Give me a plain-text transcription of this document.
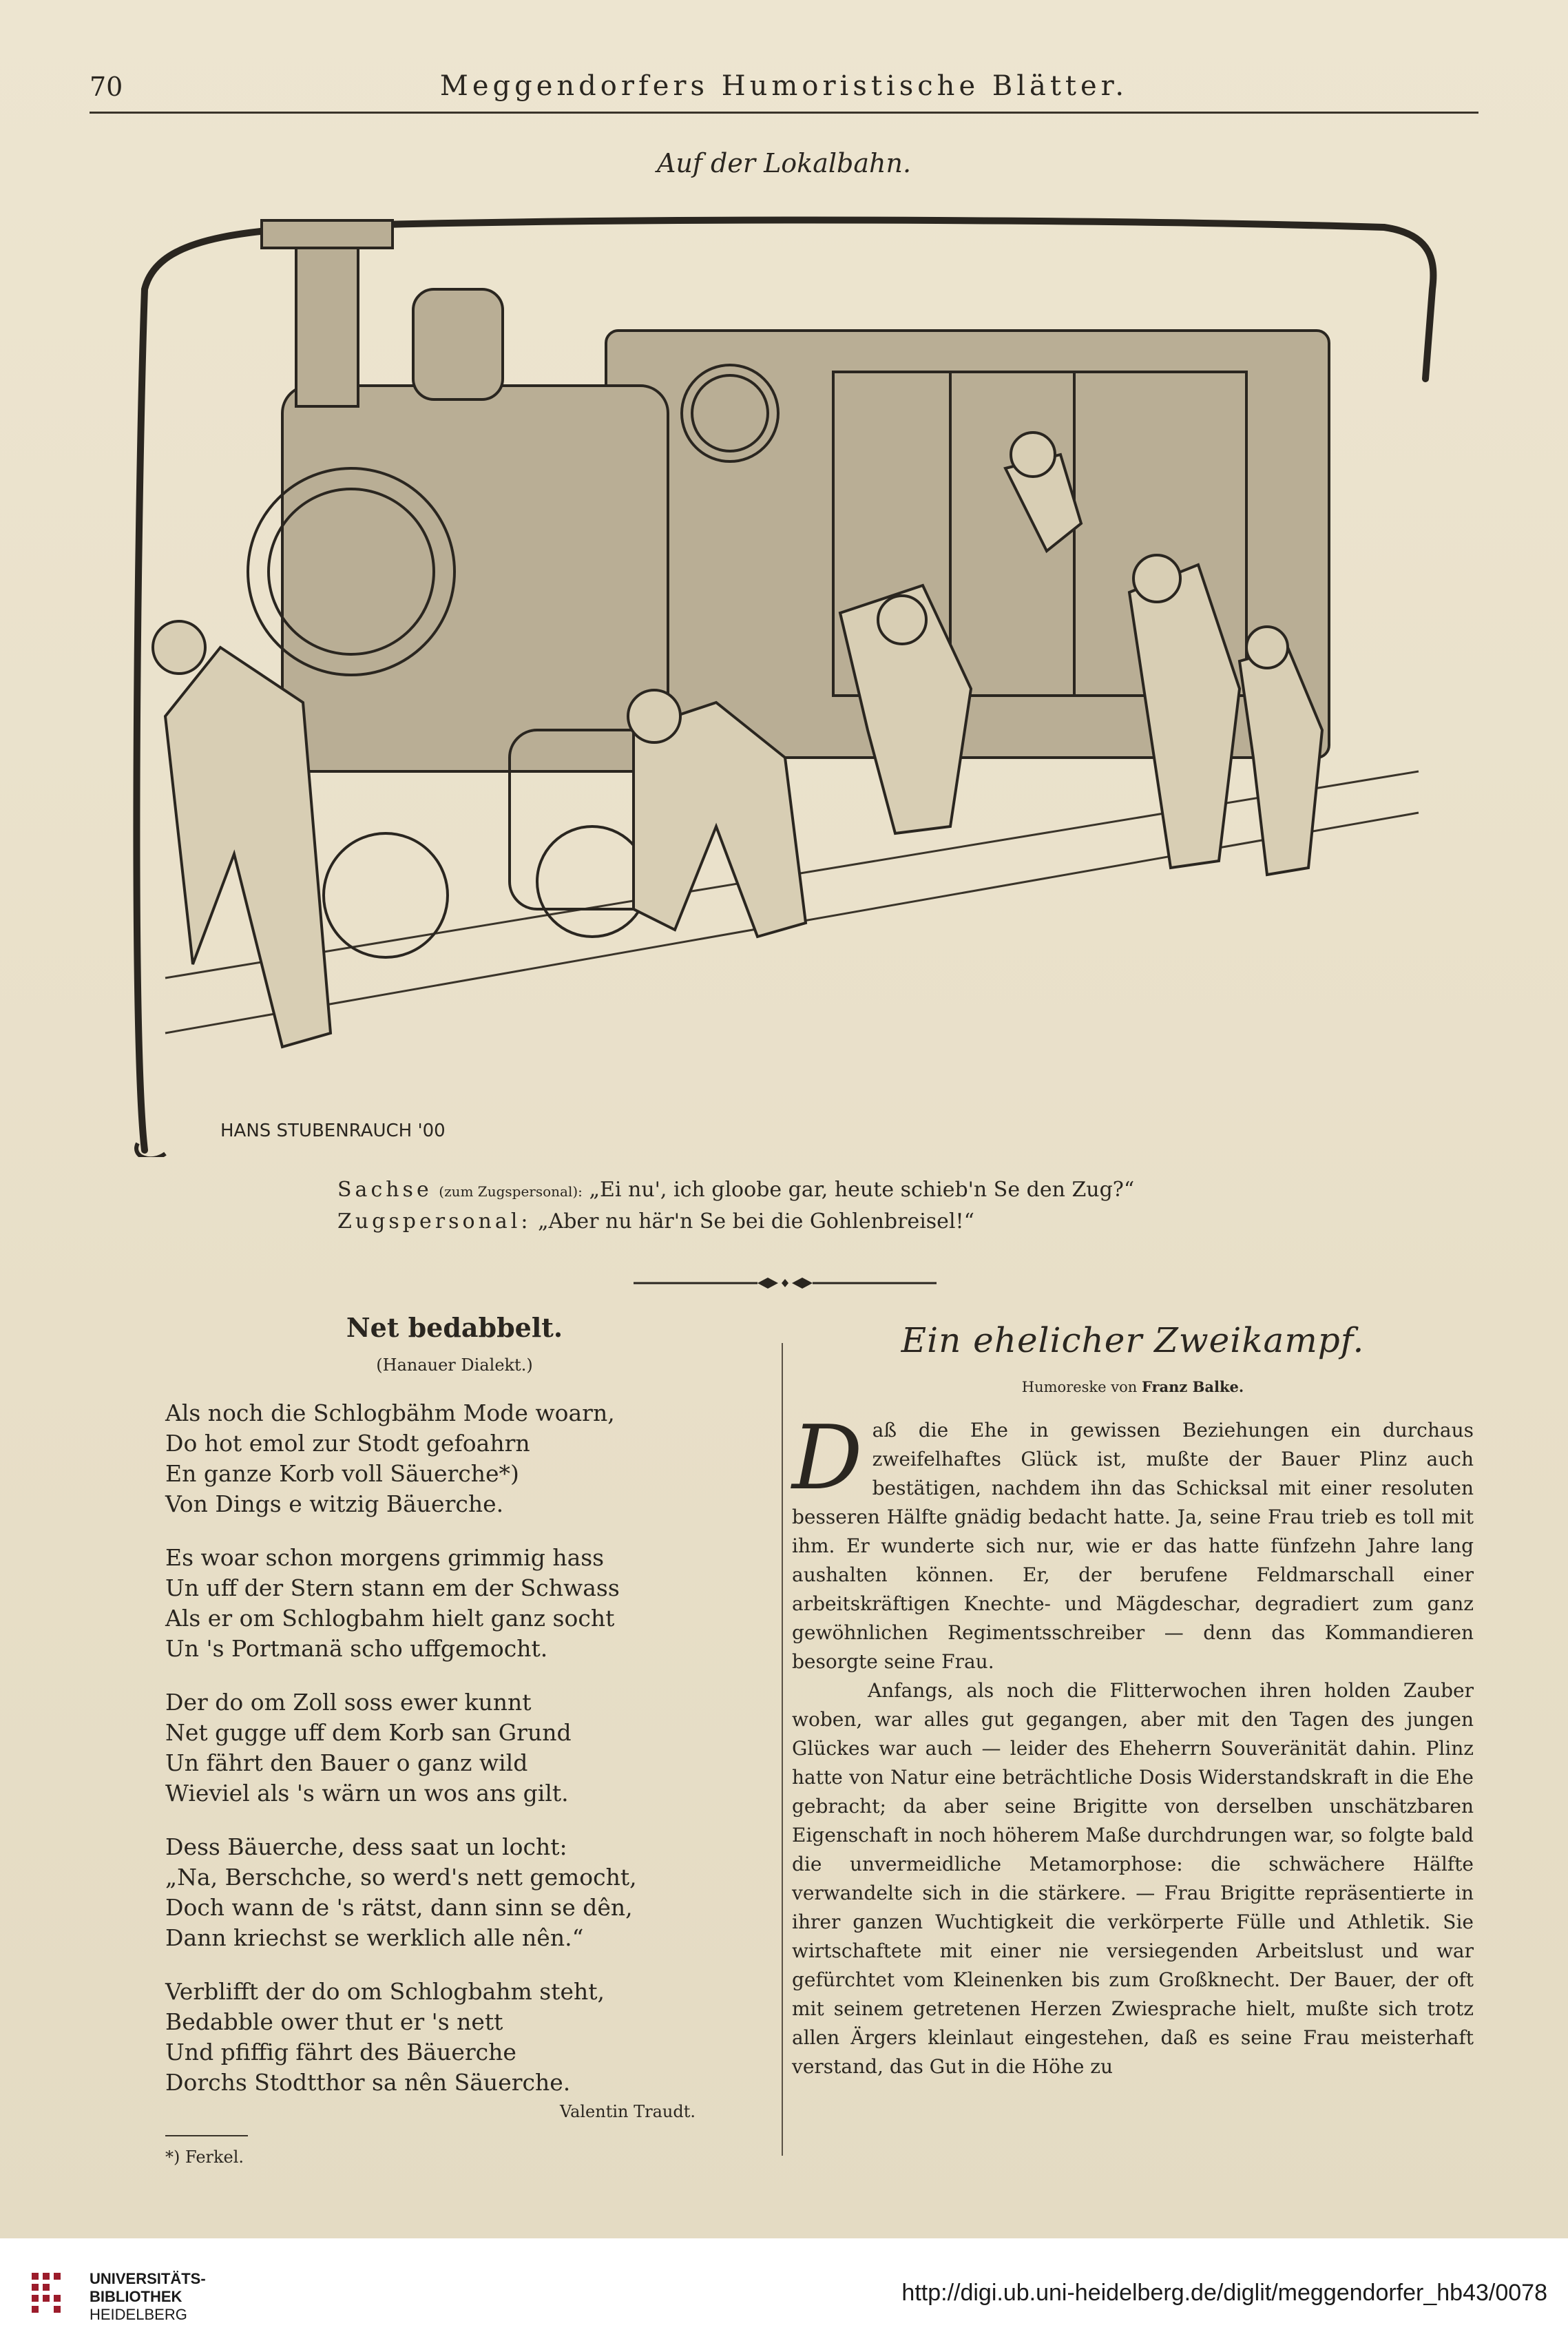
70	Meggendorfers Humoristische Blätter.
Auf der Lokalbahn.
HANS STUBENRAUCH '00
Sachse (zum Zugspersonal): „Ei nu', ich gloobe gar, heute schieb'n Se den Zug?“
Zugspersonal: „Aber nu här'n Se bei die Gohlenbreisel!“
Net bedabbelt.
(Hanauer Dialekt.)
Als noch die Schlogbähm Mode woarn,
Do hot emol zur Stodt gefoahrn
En ganze Korb voll Säuerche*)
Von Dings e witzig Bäuerche.
Es woar schon morgens grimmig hass
Un uff der Stern stann em der Schwass
Als er om Schlogbahm hielt ganz socht
Un 's Portmanä scho uffgemocht.
Der do om Zoll soss ewer kunnt
Net gugge uff dem Korb san Grund
Un fährt den Bauer o ganz wild
Wieviel als 's wärn un wos ans gilt.
Dess Bäuerche, dess saat un locht:
„Na, Berschche, so werd's nett gemocht,
Doch wann de 's rätst, dann sinn se dên,
Dann kriechst se werklich alle nên.“
Verblifft der do om Schlogbahm steht,
Bedabble ower thut er 's nett
Und pfiffig fährt des Bäuerche
Dorchs Stodtthor sa nên Säuerche.
Valentin Traudt.
*) Ferkel.
Ein ehelicher Zweikampf.
Humoreske von Franz Balke.

Daß die Ehe in gewissen Beziehungen ein durchaus zweifelhaftes Glück ist, mußte der Bauer Plinz auch bestätigen, nachdem ihn das Schicksal mit einer resoluten besseren Hälfte gnädig bedacht hatte. Ja, seine Frau trieb es toll mit ihm. Er wunderte sich nur, wie er das hatte fünfzehn Jahre lang aushalten können. Er, der berufene Feldmarschall einer arbeitskräftigen Knechte- und Mägdeschar, degradiert zum ganz gewöhnlichen Regimentsschreiber — denn das Kommandieren besorgte seine Frau.

Anfangs, als noch die Flitterwochen ihren holden Zauber woben, war alles gut gegangen, aber mit den Tagen des jungen Glückes war auch — leider des Eheherrn Souveränität dahin. Plinz hatte von Natur eine beträchtliche Dosis Widerstandskraft in die Ehe gebracht; da aber seine Brigitte von derselben unschätzbaren Eigenschaft in noch höherem Maße durchdrungen war, so folgte bald die unvermeidliche Metamorphose: die schwächere Hälfte verwandelte sich in die stärkere. — Frau Brigitte repräsentierte in ihrer ganzen Wuchtigkeit die verkörperte Fülle und Athletik. Sie wirtschaftete mit einer nie versiegenden Arbeitslust und war gefürchtet vom Kleinenken bis zum Großknecht. Der Bauer, der oft mit seinem getretenen Herzen Zwiesprache hielt, mußte sich trotz allen Ärgers kleinlaut eingestehen, daß es seine Frau meisterhaft verstand, das Gut in die Höhe zu

UNIVERSITÄTS-
BIBLIOTHEK
HEIDELBERG
http://digi.ub.uni-heidelberg.de/diglit/meggendorfer_hb43/0078
